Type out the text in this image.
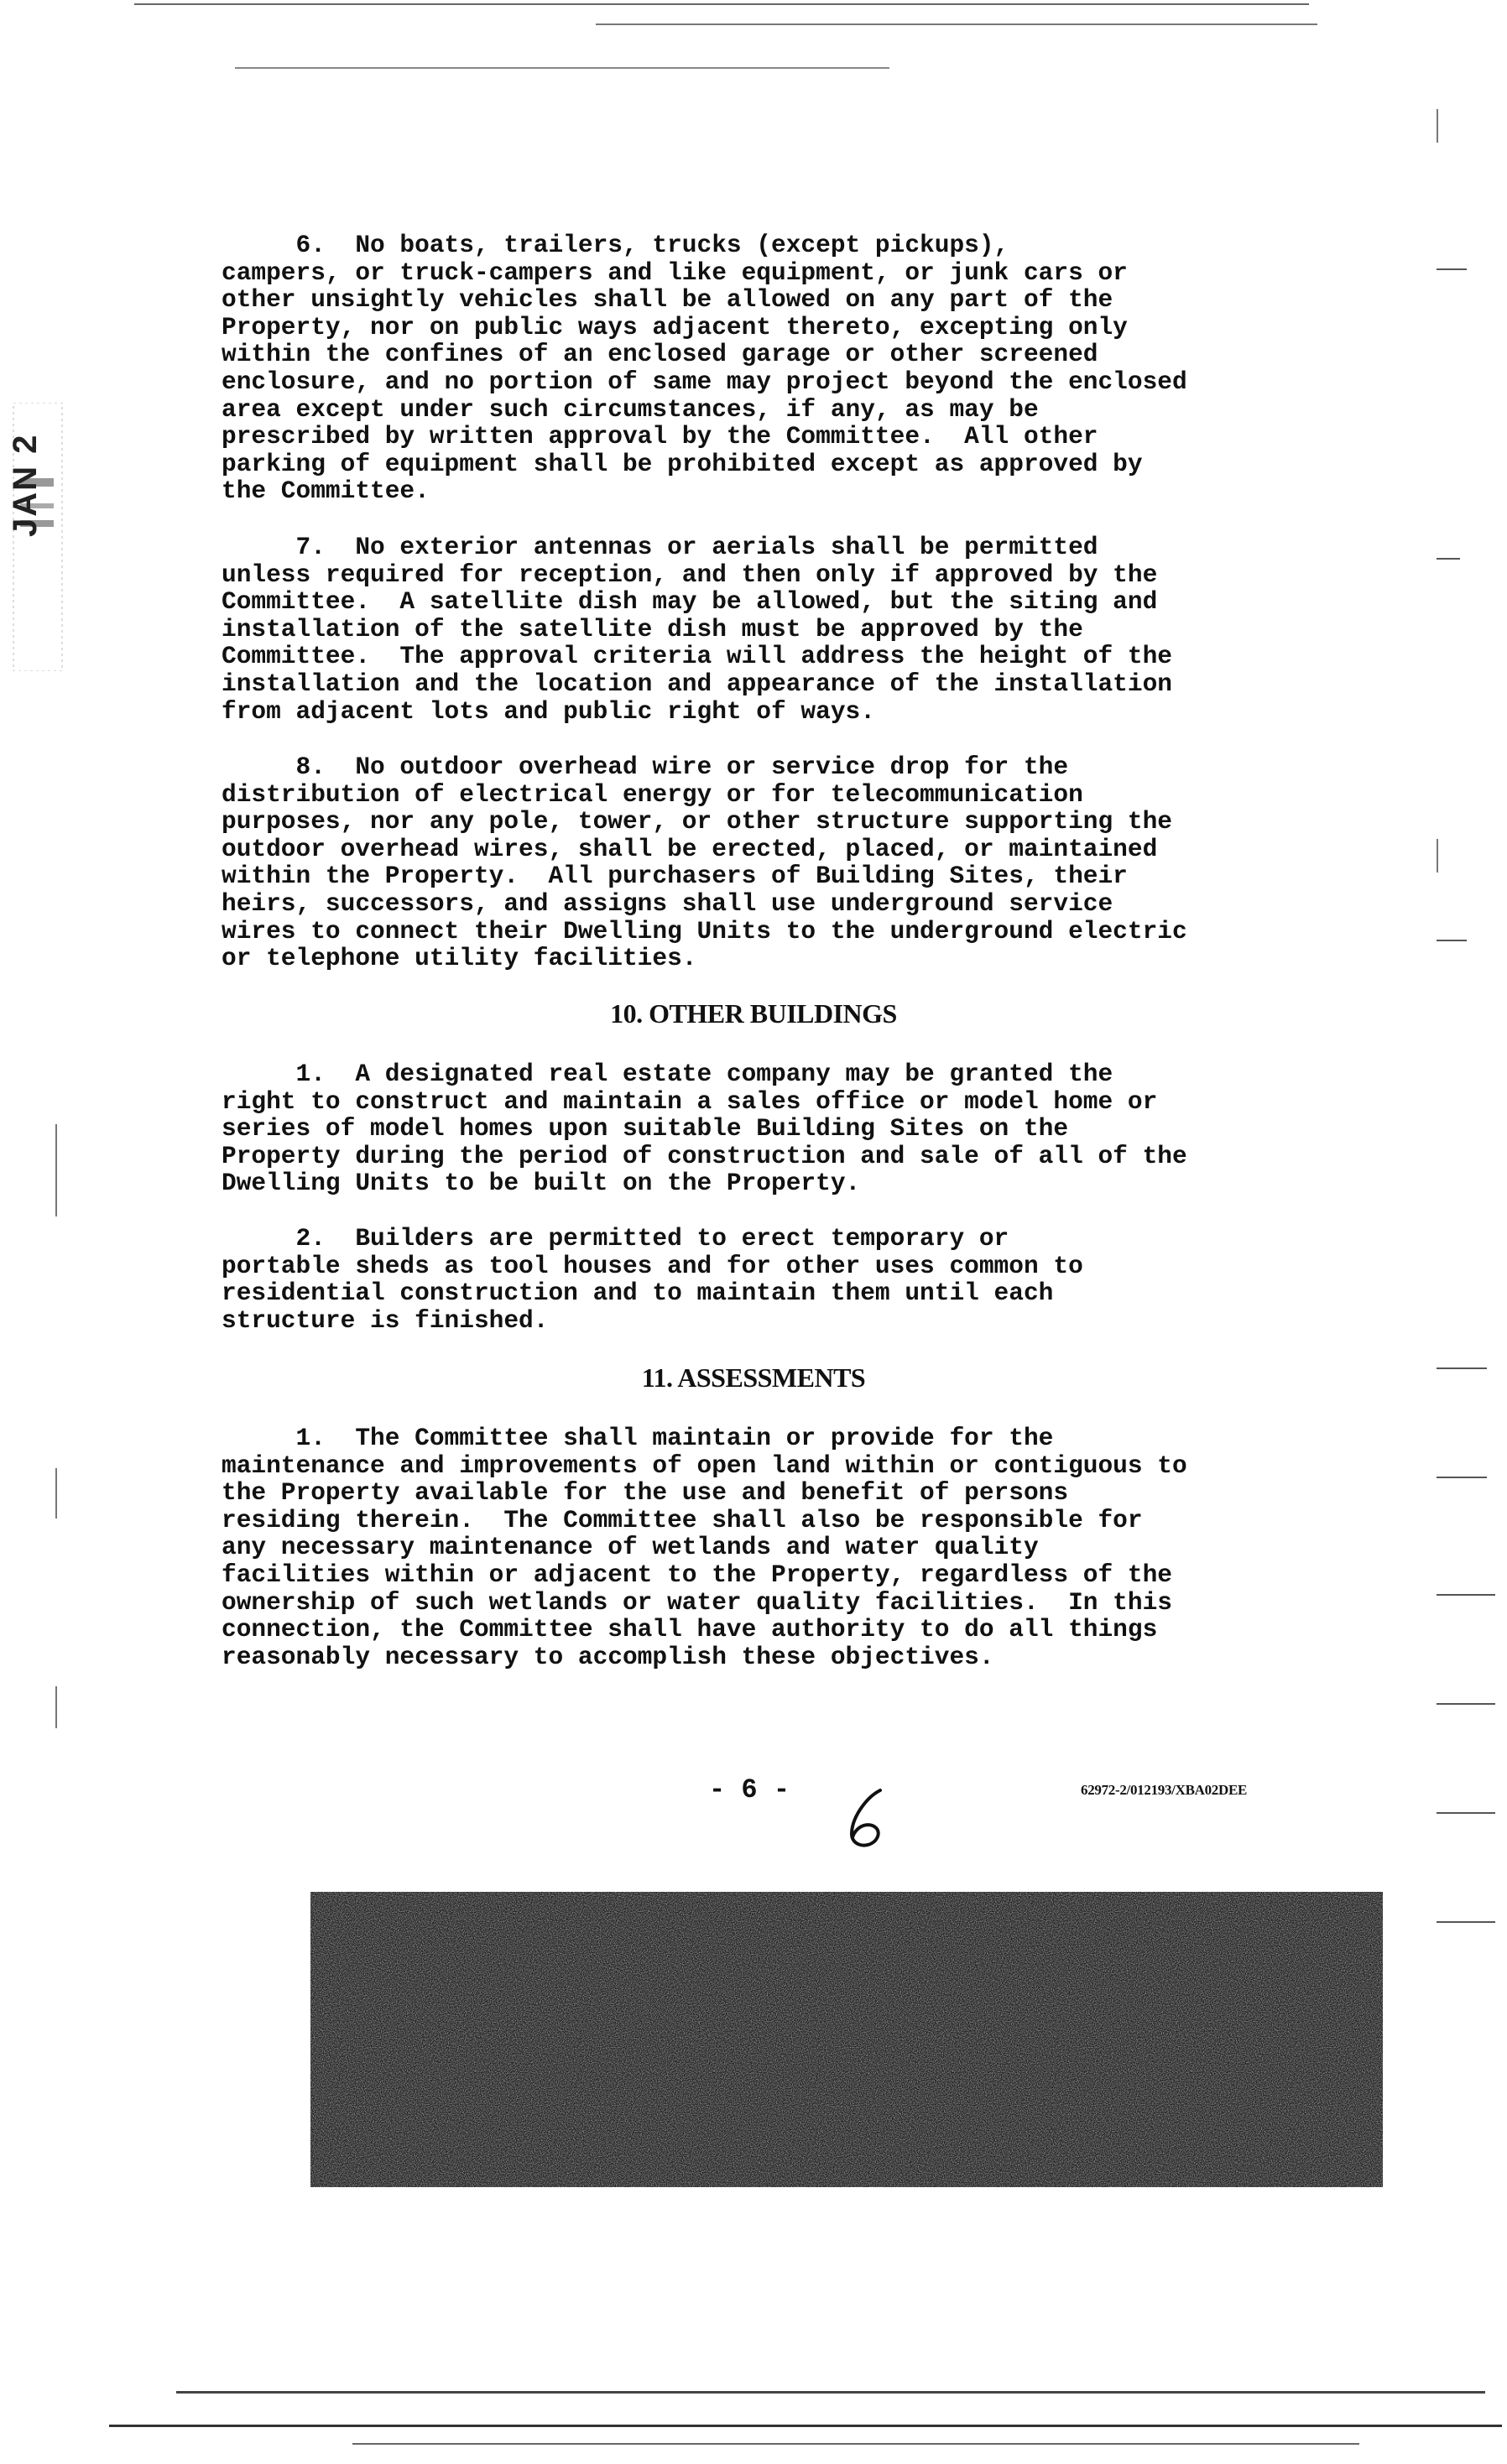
JAN 2

6.  No boats, trailers, trucks (except pickups),
campers, or truck-campers and like equipment, or junk cars or
other unsightly vehicles shall be allowed on any part of the
Property, nor on public ways adjacent thereto, excepting only
within the confines of an enclosed garage or other screened
enclosure, and no portion of same may project beyond the enclosed
area except under such circumstances, if any, as may be
prescribed by written approval by the Committee.  All other
parking of equipment shall be prohibited except as approved by
the Committee.

7.  No exterior antennas or aerials shall be permitted
unless required for reception, and then only if approved by the
Committee.  A satellite dish may be allowed, but the siting and
installation of the satellite dish must be approved by the
Committee.  The approval criteria will address the height of the
installation and the location and appearance of the installation
from adjacent lots and public right of ways.

8.  No outdoor overhead wire or service drop for the
distribution of electrical energy or for telecommunication
purposes, nor any pole, tower, or other structure supporting the
outdoor overhead wires, shall be erected, placed, or maintained
within the Property.  All purchasers of Building Sites, their
heirs, successors, and assigns shall use underground service
wires to connect their Dwelling Units to the underground electric
or telephone utility facilities.

10. OTHER BUILDINGS

1.  A designated real estate company may be granted the
right to construct and maintain a sales office or model home or
series of model homes upon suitable Building Sites on the
Property during the period of construction and sale of all of the
Dwelling Units to be built on the Property.

2.  Builders are permitted to erect temporary or
portable sheds as tool houses and for other uses common to
residential construction and to maintain them until each
structure is finished.

11. ASSESSMENTS

1.  The Committee shall maintain or provide for the
maintenance and improvements of open land within or contiguous to
the Property available for the use and benefit of persons
residing therein.  The Committee shall also be responsible for
any necessary maintenance of wetlands and water quality
facilities within or adjacent to the Property, regardless of the
ownership of such wetlands or water quality facilities.  In this
connection, the Committee shall have authority to do all things
reasonably necessary to accomplish these objectives.

- 6 -	62972-2/012193/XBA02DEE
